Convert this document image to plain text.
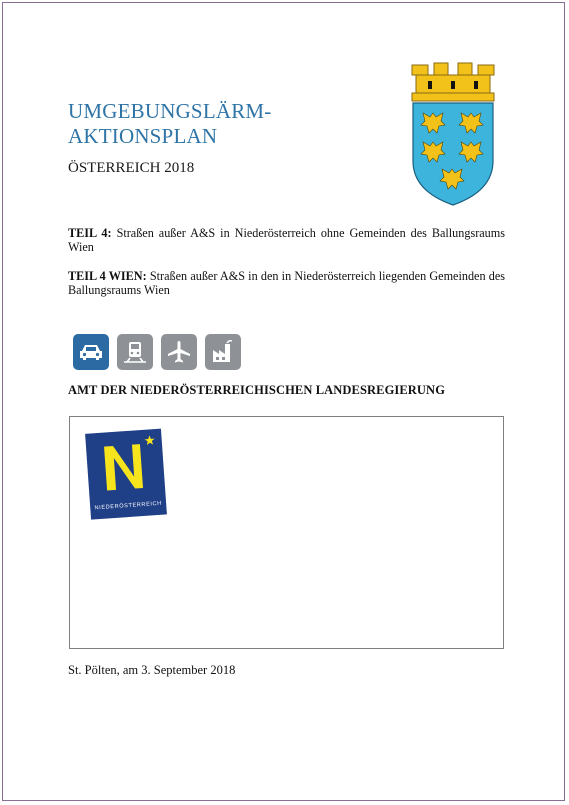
UMGEBUNGSLÄRM-
AKTIONSPLAN
ÖSTERREICH 2018
TEIL 4: Straßen außer A&S in Niederösterreich ohne Gemeinden des Ballungsraums Wien
TEIL 4 WIEN: Straßen außer A&S in den in Niederösterreich liegenden Gemeinden des Ballungsraums Wien
AMT DER NIEDERÖSTERREICHISCHEN LANDESREGIERUNG
NIEDERÖSTERREICH
St. Pölten, am 3. September 2018
